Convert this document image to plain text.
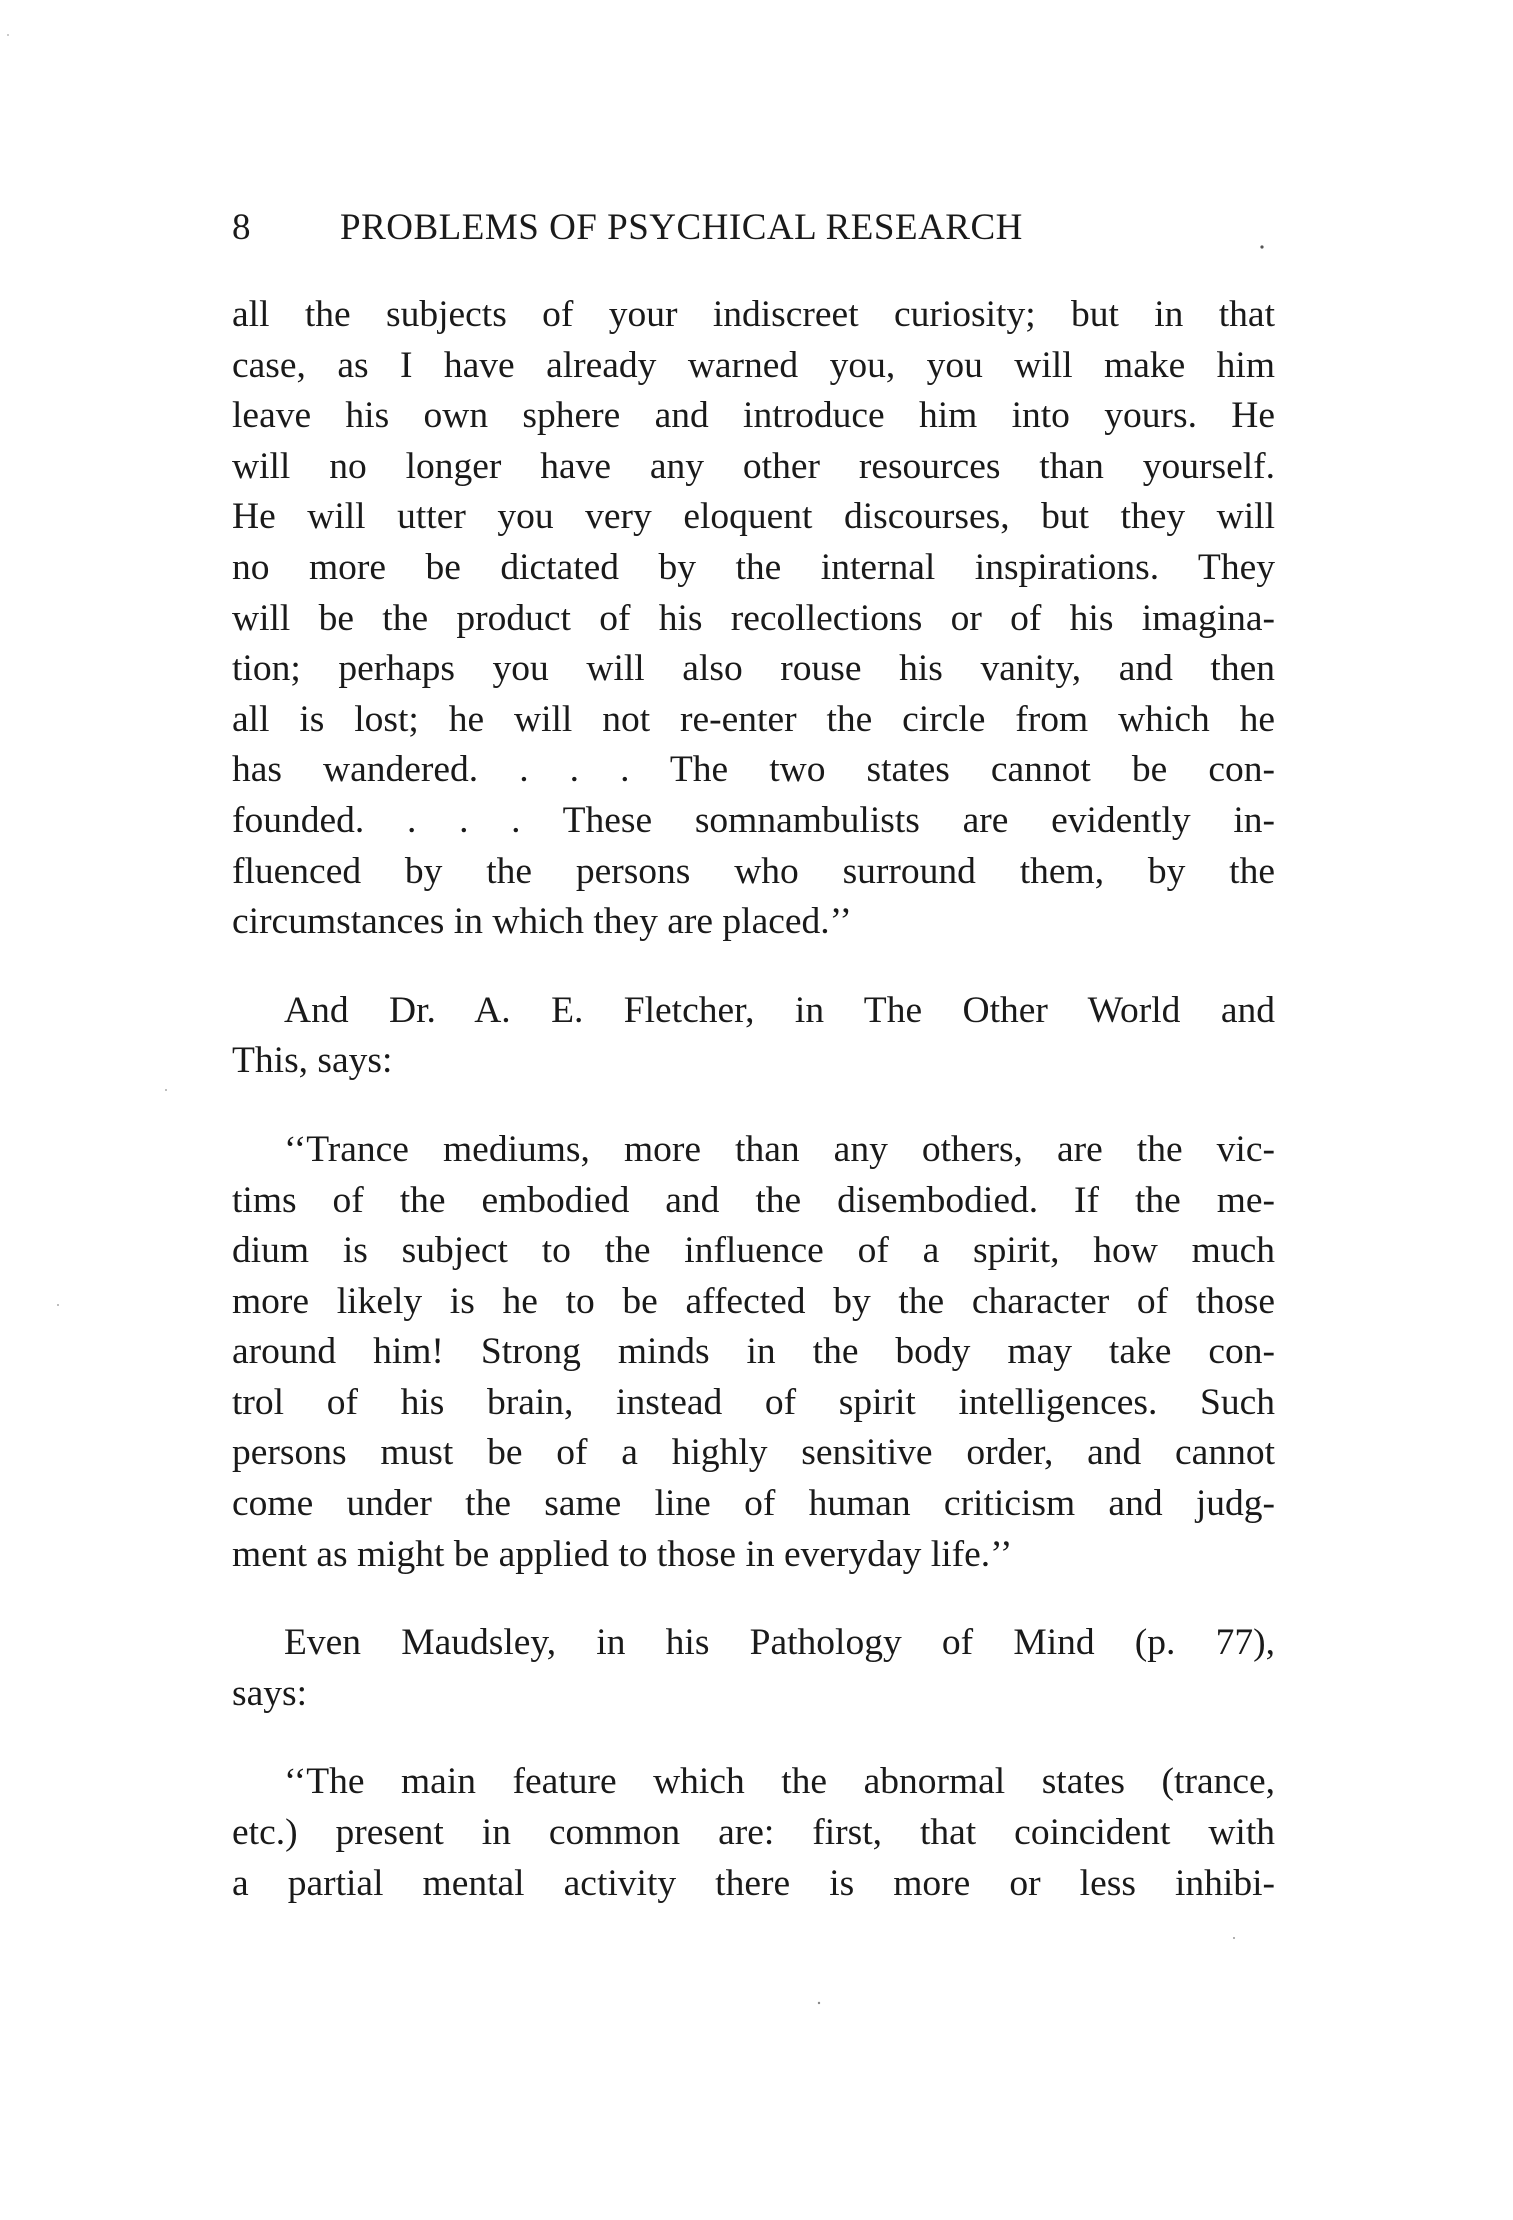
8 PROBLEMS OF PSYCHICAL RESEARCH

all the subjects of your indiscreet curiosity; but in that
case, as I have already warned you, you will make him
leave his own sphere and introduce him into yours. He
will no longer have any other resources than yourself.
He will utter you very eloquent discourses, but they will
no more be dictated by the internal inspirations. They
will be the product of his recollections or of his imagina-
tion; perhaps you will also rouse his vanity, and then
all is lost; he will not re-enter the circle from which he
has wandered. . . . The two states cannot be con-
founded. . . . These somnambulists are evidently in-
fluenced by the persons who surround them, by the
circumstances in which they are placed.’’

And Dr. A. E. Fletcher, in The Other World and
This, says:

‘‘Trance mediums, more than any others, are the vic-
tims of the embodied and the disembodied. If the me-
dium is subject to the influence of a spirit, how much
more likely is he to be affected by the character of those
around him! Strong minds in the body may take con-
trol of his brain, instead of spirit intelligences. Such
persons must be of a highly sensitive order, and cannot
come under the same line of human criticism and judg-
ment as might be applied to those in everyday life.’’

Even Maudsley, in his Pathology of Mind (p. 77),
says:

‘‘The main feature which the abnormal states (trance,
etc.) present in common are: first, that coincident with
a partial mental activity there is more or less inhibi-
